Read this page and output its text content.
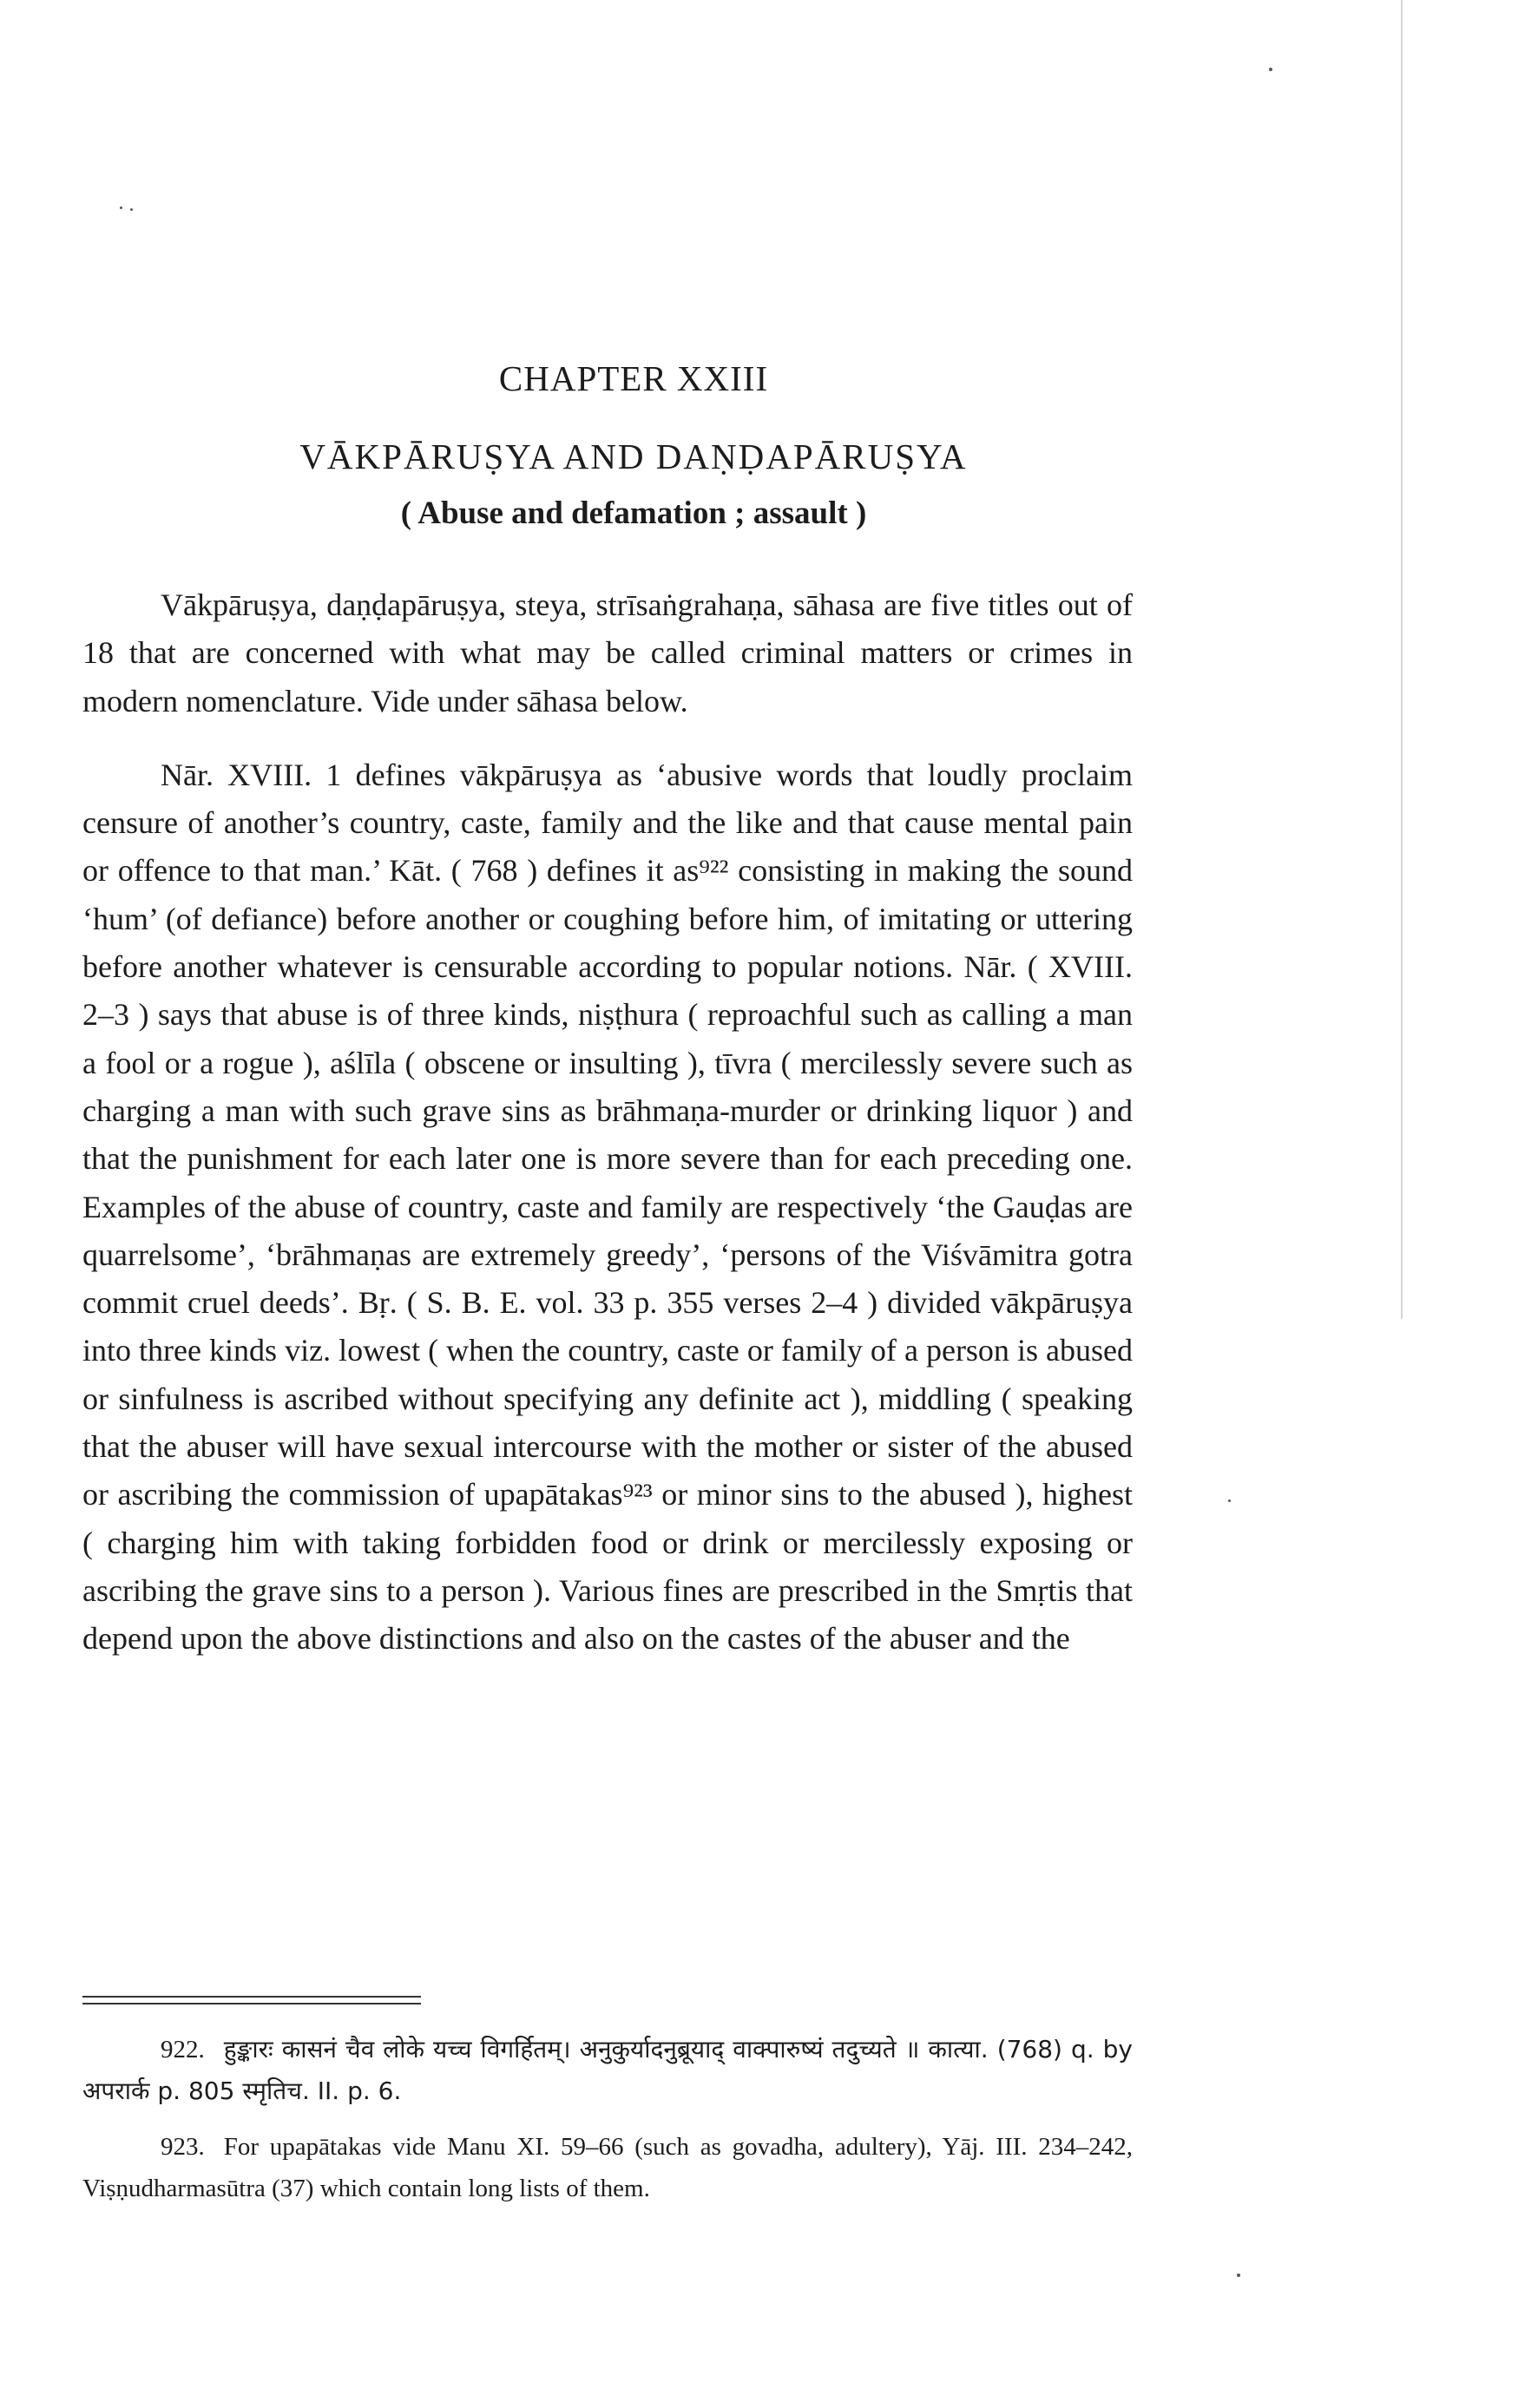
CHAPTER XXIII
VĀKPĀRUṢYA AND DAṆḌAPĀRUṢYA
( Abuse and defamation ; assault )

Vākpāruṣya, daṇḍapāruṣya, steya, strīsaṅgrahaṇa, sāhasa are five titles out of 18 that are concerned with what may be called criminal matters or crimes in modern nomenclature. Vide under sāhasa below.

Nār. XVIII. 1 defines vākpāruṣya as ‘abusive words that loudly proclaim censure of another’s country, caste, family and the like and that cause mental pain or offence to that man.’ Kāt. ( 768 ) defines it as⁹²² consisting in making the sound ‘hum’ (of defiance) before another or coughing before him, of imitating or uttering before another whatever is censurable according to popular notions. Nār. ( XVIII. 2–3 ) says that abuse is of three kinds, niṣṭhura ( reproachful such as calling a man a fool or a rogue ), aślīla ( obscene or insulting ), tīvra ( mercilessly severe such as charging a man with such grave sins as brāhmaṇa-murder or drinking liquor ) and that the punishment for each later one is more severe than for each preceding one. Examples of the abuse of country, caste and family are respectively ‘the Gauḍas are quarrelsome’, ‘brāhmaṇas are extremely greedy’, ‘persons of the Viśvāmitra gotra commit cruel deeds’. Bṛ. ( S. B. E. vol. 33 p. 355 verses 2–4 ) divided vākpāruṣya into three kinds viz. lowest ( when the country, caste or family of a person is abused or sinfulness is ascribed without specifying any definite act ), middling ( speaking that the abuser will have sexual intercourse with the mother or sister of the abused or ascribing the commission of upapātakas⁹²³ or minor sins to the abused ), highest ( charging him with taking forbidden food or drink or mercilessly exposing or ascribing the grave sins to a person ). Various fines are prescribed in the Smṛtis that depend upon the above distinctions and also on the castes of the abuser and the

922. हुङ्कारः कासनं चैव लोके यच्च विगर्हितम्। अनुकुर्यादनुब्रूयाद् वाक्पारुष्यं तदुच्यते ॥ कात्या. (768) q. by अपरार्क p. 805 स्मृतिच. II. p. 6.
923. For upapātakas vide Manu XI. 59–66 (such as govadha, adultery), Yāj. III. 234–242, Viṣṇudharmasūtra (37) which contain long lists of them.
